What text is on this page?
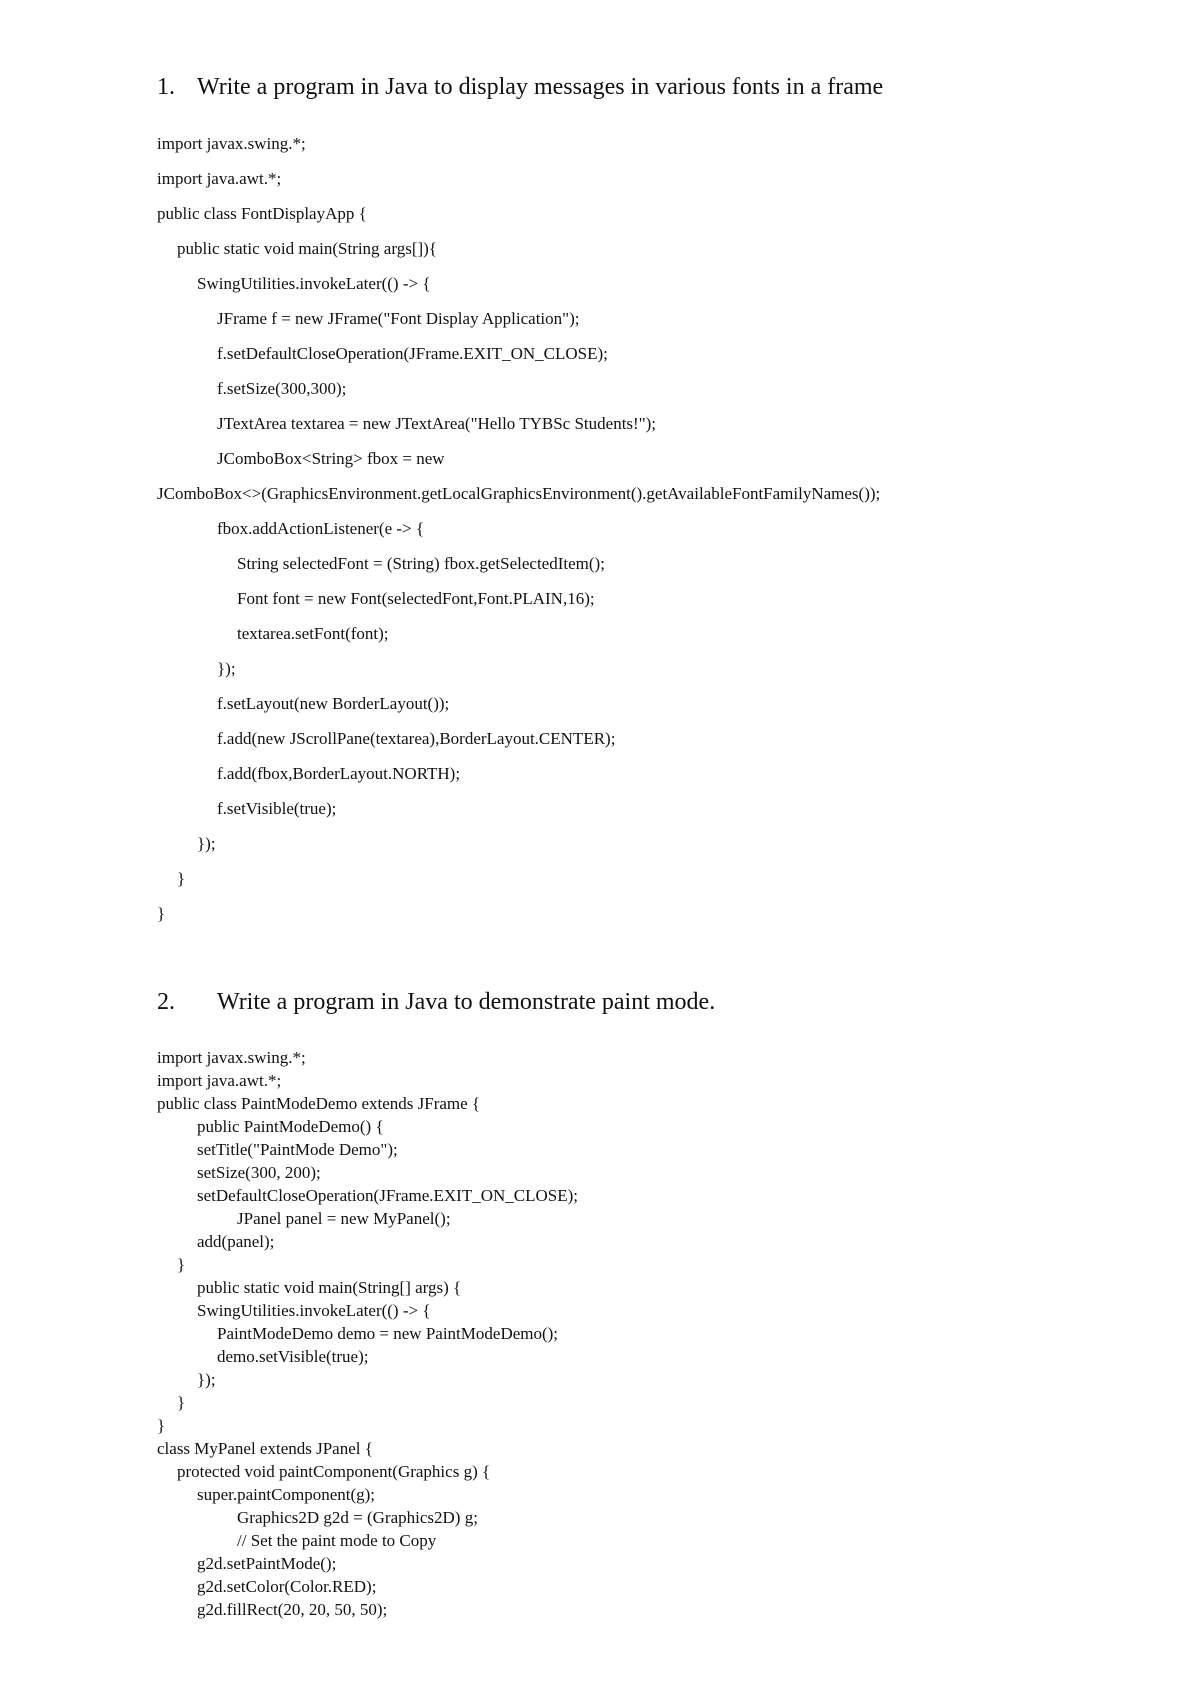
1. Write a program in Java to display messages in various fonts in a frame
import javax.swing.*;
import java.awt.*;
public class FontDisplayApp {
public static void main(String args[]){
SwingUtilities.invokeLater(() -> {
JFrame f = new JFrame("Font Display Application");
f.setDefaultCloseOperation(JFrame.EXIT_ON_CLOSE);
f.setSize(300,300);
JTextArea textarea = new JTextArea("Hello TYBSc Students!");
JComboBox<String> fbox = new
JComboBox<>(GraphicsEnvironment.getLocalGraphicsEnvironment().getAvailableFontFamilyNames());
fbox.addActionListener(e -> {
String selectedFont = (String) fbox.getSelectedItem();
Font font = new Font(selectedFont,Font.PLAIN,16);
textarea.setFont(font);
});
f.setLayout(new BorderLayout());
f.add(new JScrollPane(textarea),BorderLayout.CENTER);
f.add(fbox,BorderLayout.NORTH);
f.setVisible(true);
});
}
}
2. Write a program in Java to demonstrate paint mode.
import javax.swing.*;
import java.awt.*;
public class PaintModeDemo extends JFrame {
public PaintModeDemo() {
setTitle("PaintMode Demo");
setSize(300, 200);
setDefaultCloseOperation(JFrame.EXIT_ON_CLOSE);
JPanel panel = new MyPanel();
add(panel);
}
public static void main(String[] args) {
SwingUtilities.invokeLater(() -> {
PaintModeDemo demo = new PaintModeDemo();
demo.setVisible(true);
});
}
}
class MyPanel extends JPanel {
protected void paintComponent(Graphics g) {
super.paintComponent(g);
Graphics2D g2d = (Graphics2D) g;
// Set the paint mode to Copy
g2d.setPaintMode();
g2d.setColor(Color.RED);
g2d.fillRect(20, 20, 50, 50);
